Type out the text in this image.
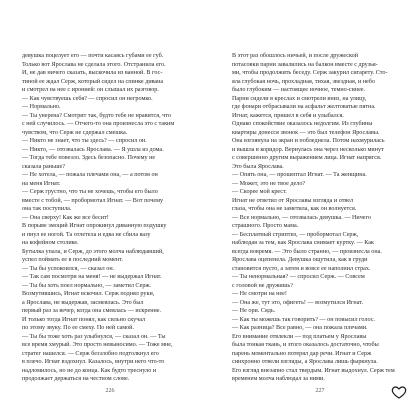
девушка поцелует его — почти касаясь губами ее губ.
Только вот Ярослава не сделала этого. Отстранила его.
И, не дав ничего сказать, выскочила из ванной. В гос-
тиной ее ждал Серж, который сидел на спинке дивана
и смотрел на нее с иронией: он слышал их разговор.
— Как чувствуешь себя? — спросил он негромко.
— Нормально.
— Ты уверена? Смотрит так, будто тебе не нравится, что
с ней случилось. — Отчего-то она произнесла это с таким
чувством, что Серж не сдержал смешка.
— Никто не знает, что ты здесь? — спросил он.
— Никто, — отозвалась Ярослава. — Я ушла из дома.
— Тогда тебе повезло. Здесь безопасно. Почему не
сказала раньше?
— Не хотела, — пожала плечами она, — а потом он
на меня Игнат.
— Серж грустно, что ты не хочешь, чтобы его было
вместе с тобой, — пробормотал Игнат. — Вот почему
она так поступила.
— Она сверху! Как же все бесит!
В порыве эмоций Игнат опрокинул диванную подушку
и пнул ее ногой. Та отлетела и едва не сбила вазу
на кофейном столике.
Бутылка упала, и Серж, до этого молча наблюдавший,
успел поймать ее в последний момент.
— Ты бы успокоился, — сказал он.
— Так сам посмотри на меня! — не выдержал Игнат.
— Ты бы хоть поел нормально, — заметил Серж.
Возмутившись, Игнат вскочил. Серж поднял руки,
а Ярослава, не выдержав, засмеялась. Это был
первый раз за вечер, когда она смеялась — искренне.
И только тогда Игнат понял, как сильно скучал
по этому звуку. По ее смеху. По ней самой.
— Ты бы тоже хоть раз улыбнулся, — сказал он. — Ты
все время хмурый. Это просто невыносимо. — Тоже мне,
стратег нашелся. — Серж беззлобно подтолкнул его
в плечо. Игнат вздохнул. Казалось, внутри него что-то
надломилось, но не до конца. Как будто треснуло и
продолжает держаться на честном слове.
В этот раз обошлось ничьей, и после дружеской
потасовки парни завалились на балкон вместе с друзья-
ми, чтобы продолжить беседу. Серж закурил сигарету. Сто-
яла глубокая ночь, прохладная, тихая, звездная, и небо
было глубоким — настоящее ночное, темно-синее.
Парни сидели в креслах и смотрели вниз, на улицу,
где фонари отбрасывали на асфальт желтоватые пятна.
Игнат, кажется, пришел в себя и улыбался.
Однако спокойствие оказалось недолгим. Из глубины
квартиры донесся звонок — это был телефон Ярославы.
Она взглянула на экран и побледнела. Потом нахмурилась
и вышла в коридор. Вернулась она через несколько минут
с совершенно другим выражением лица. Игнат напрягся.
Это была Ярослава.
— Опять она, — прошептал Игнат. — Та женщина.
— Может, это не твое дело?
— Скорее мой крест.
Игнат не ответил от Ярославы взгляда и отвел
глаза, чтобы она не заметила, как он волнуется.
— Все нормально, — отозвалась девушка. — Ничего
страшного. Просто мама.
— Бесплатный стриптиз, — пробормотал Серж,
наблюдая за тем, как Ярослава снимает куртку. — Как
всегда вовремя. — Это было странно, — произнесла она.
Ярослава оцепенела. Девушка ощутила, как в груди
становится пусто, а затем и вовсе ее наполнил страх.
— Ты ненормальная? — спросил Серж. — Совсем
с головой не дружишь?
— Не смотри на нее!
— Она же, тут это, офигеть! — возмутился Игнат.
— Не ори. Сядь.
— Как ты можешь так говорить? — он повысил голос.
— Как разница? Все равно, — она пожала плечами.
Его внимание отвлекли — под платьем у Ярославы
была тонкая ткань, и этого оказалось достаточно, чтобы
парень моментально потерял дар речи. Игнат и Серж
синхронно отвели взгляды, а Ярослава лишь фыркнула.
Его взгляд внезапно стал твердым. Игнат выдохнул. Серж тем
временем молча наблюдал за ними.
226	227
